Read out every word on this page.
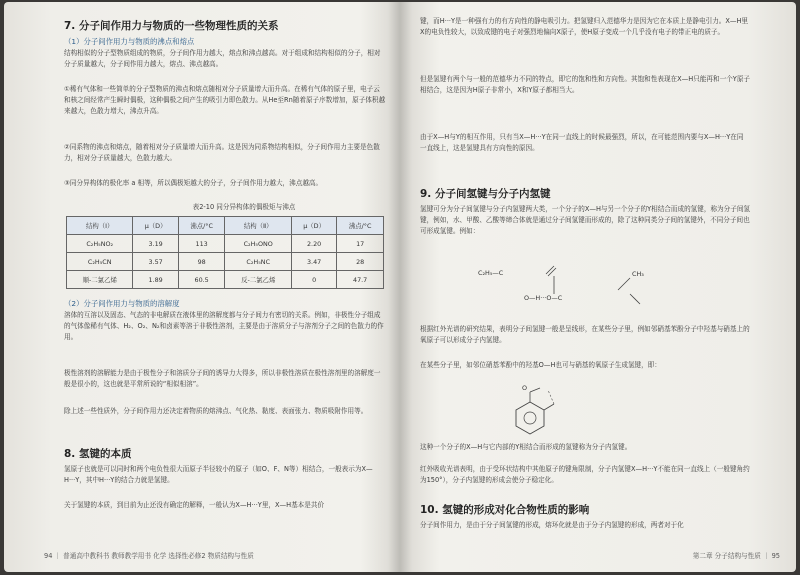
7. 分子间作用力与物质的一些物理性质的关系
（1）分子间作用力与物质的沸点和熔点
结构相似的分子型物质组成的物质，分子间作用力越大，熔点和沸点越高。对于组成和结构相似的分子，相对分子质量越大，分子间作用力越大，熔点、沸点越高。
①稀有气体和一些简单的分子型物质的沸点和熔点随相对分子质量增大而升高。在稀有气体的原子里，电子云和核之间经常产生瞬时偶极，这种偶极之间产生的吸引力即色散力。从He至Rn随着原子序数增加，原子体积越来越大，色散力增大，沸点升高。
②同系物的沸点和熔点，随着相对分子质量增大而升高。这是因为同系物结构相似，分子间作用力主要是色散力，相对分子质量越大，色散力越大。
③同分异构体的极化率 a 相等，所以偶极矩越大的分子，分子间作用力越大，沸点越高。
表2-10 同分异构体的偶极矩与沸点
结构（Ⅰ）	μ（D）	沸点/°C	结构（Ⅱ）	μ（D）	沸点/°C
C₂H₅NO₂	3.19	113	C₂H₅ONO	2.20	17
C₂H₅CN	3.57	98	C₂H₅NC	3.47	28
顺-二氯乙烯	1.89	60.5	反-二氯乙烯	0	47.7
（2）分子间作用力与物质的溶解度
溶体的互溶以及固态、气态的非电解质在液体里的溶解度都与分子间力有密切的关系。例如，非极性分子组成的气体像稀有气体、H₂、O₂、N₂和卤素等溶于非极性溶剂，主要是由于溶质分子与溶剂分子之间的色散力的作用。
极性溶剂的溶解能力是由于极性分子和溶质分子间的诱导力大得多，所以非极性溶质在极性溶剂里的溶解度一般是很小的，这也就是平常所说的“相似相溶”。
除上述一些性质外，分子间作用力还决定着物质的熔沸点、气化热、黏度、表面张力、物质吸附作用等。
8. 氢键的本质
氢原子也就是可以同时和两个电负性很大而原子半径较小的原子（如O、F、N等）相结合，一般表示为X—H···Y，其中H···Y的结合力就是氢键。
关于氢键的本质，到目前为止还没有确定的解释，一般认为X—H···Y里，X—H基本是共价
94 ｜ 普通高中教科书 教师教学用书 化学 选择性必修2 物质结构与性质
键，而H···Y是一种强有力的有方向性的静电吸引力。把氢键归入范德华力是因为它在本质上是静电引力。X—H里X的电负性较大，以致成键的电子对强烈地偏向X原子，使H原子变成一个几乎没有电子的带正电的质子。
但是氢键有两个与一般的范德华力不同的特点，即它的饱和性和方向性。其饱和性表现在X—H只能再和一个Y原子相结合，这是因为H原子非常小，X和Y原子都相当大。
由于X—H与Y的相互作用，只有当X—H···Y在同一直线上的时候最强烈，所以，在可能范围内要与X—H···Y在同一直线上，这是氢键具有方向性的原因。
9. 分子间氢键与分子内氢键
氢键可分为分子间氢键与分子内氢键两大类，一个分子的X—H与另一个分子的Y相结合而成的氢键，称为分子间氢键，例如，水、甲酸、乙酸等缔合体就是通过分子间氢键而形成的，除了这种同类分子间的氢键外，不同分子间也可形成氢键。例如：
C₂H₅—C
O—H···O—C
CH₃
根据红外光谱的研究结果，表明分子间氢键一般是呈线形，在某些分子里，例如邻硝基苯酚分子中羟基与硝基上的氧原子可以形成分子内氢键。
在某些分子里，如邻位硝基苯酚中的羟基O—H也可与硝基的氧原子生成氢键，即：
O
这种一个分子的X—H与它内部的Y相结合而形成的氢键称为分子内氢键。
红外吸收光谱表明，由于受环状结构中其他原子的键角限制，分子内氢键X—H···Y不能在同一直线上（一般键角约为150°），分子内氢键的形成会使分子稳定化。
10. 氢键的形成对化合物性质的影响
分子间作用力，是由于分子间氢键的形成，熔环化就是由于分子内氢键的形成，两者对于化
第二章 分子结构与性质 ｜ 95
